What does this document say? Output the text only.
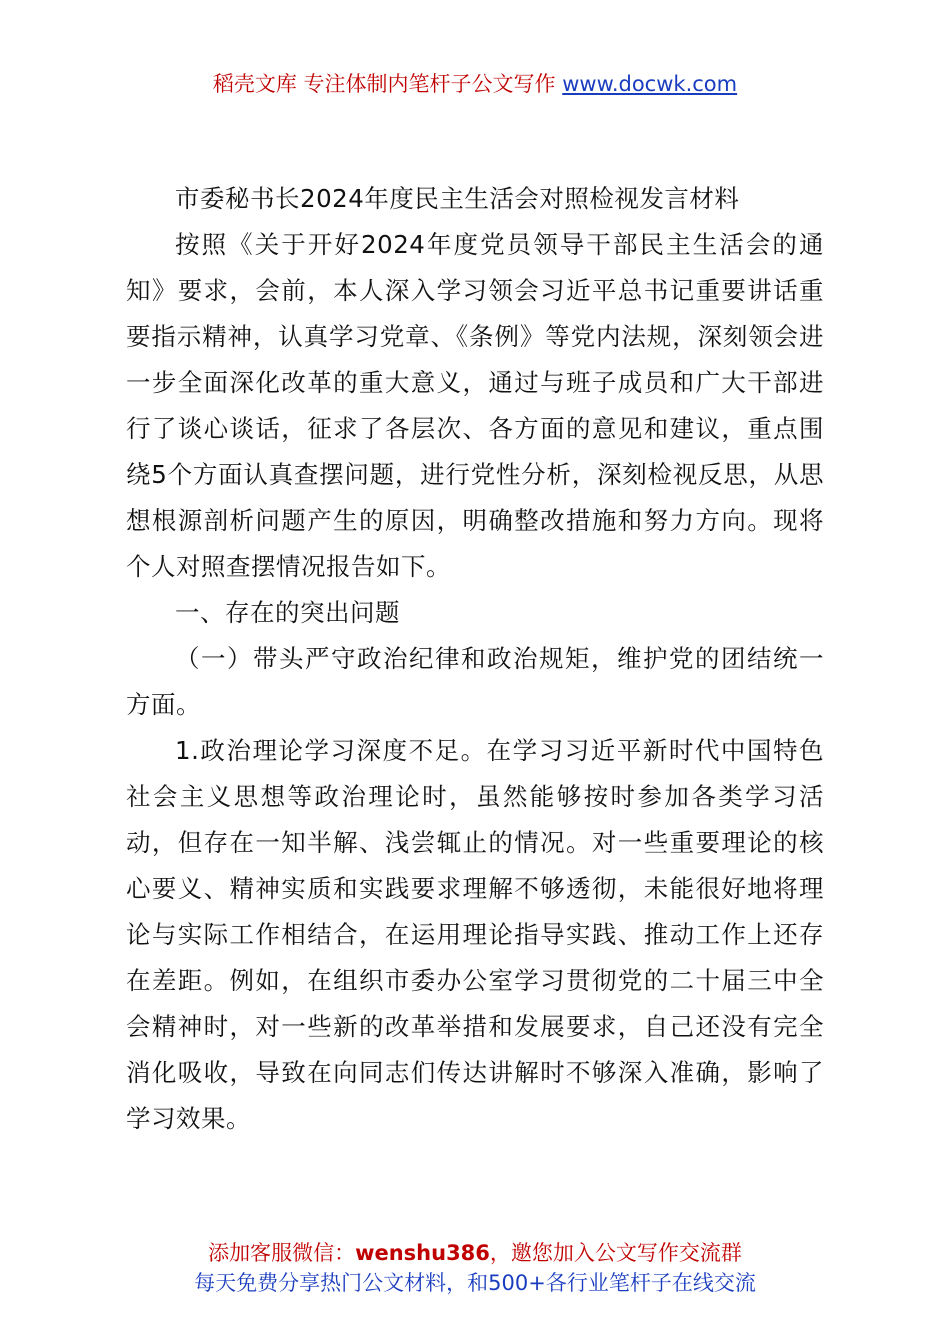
稻壳文库 专注体制内笔杆子公文写作 www.docwk.com

市委秘书长2024年度民主生活会对照检视发言材料

按照《关于开好2024年度党员领导干部民主生活会的通知》要求，会前，本人深入学习领会习近平总书记重要讲话重要指示精神，认真学习党章、《条例》等党内法规，深刻领会进一步全面深化改革的重大意义，通过与班子成员和广大干部进行了谈心谈话，征求了各层次、各方面的意见和建议，重点围绕5个方面认真查摆问题，进行党性分析，深刻检视反思，从思想根源剖析问题产生的原因，明确整改措施和努力方向。现将个人对照查摆情况报告如下。

一、存在的突出问题

（一）带头严守政治纪律和政治规矩，维护党的团结统一方面。

1.政治理论学习深度不足。在学习习近平新时代中国特色社会主义思想等政治理论时，虽然能够按时参加各类学习活动，但存在一知半解、浅尝辄止的情况。对一些重要理论的核心要义、精神实质和实践要求理解不够透彻，未能很好地将理论与实际工作相结合，在运用理论指导实践、推动工作上还存在差距。例如，在组织市委办公室学习贯彻党的二十届三中全会精神时，对一些新的改革举措和发展要求，自己还没有完全消化吸收，导致在向同志们传达讲解时不够深入准确，影响了学习效果。

添加客服微信：wenshu386，邀您加入公文写作交流群
每天免费分享热门公文材料，和500+各行业笔杆子在线交流
